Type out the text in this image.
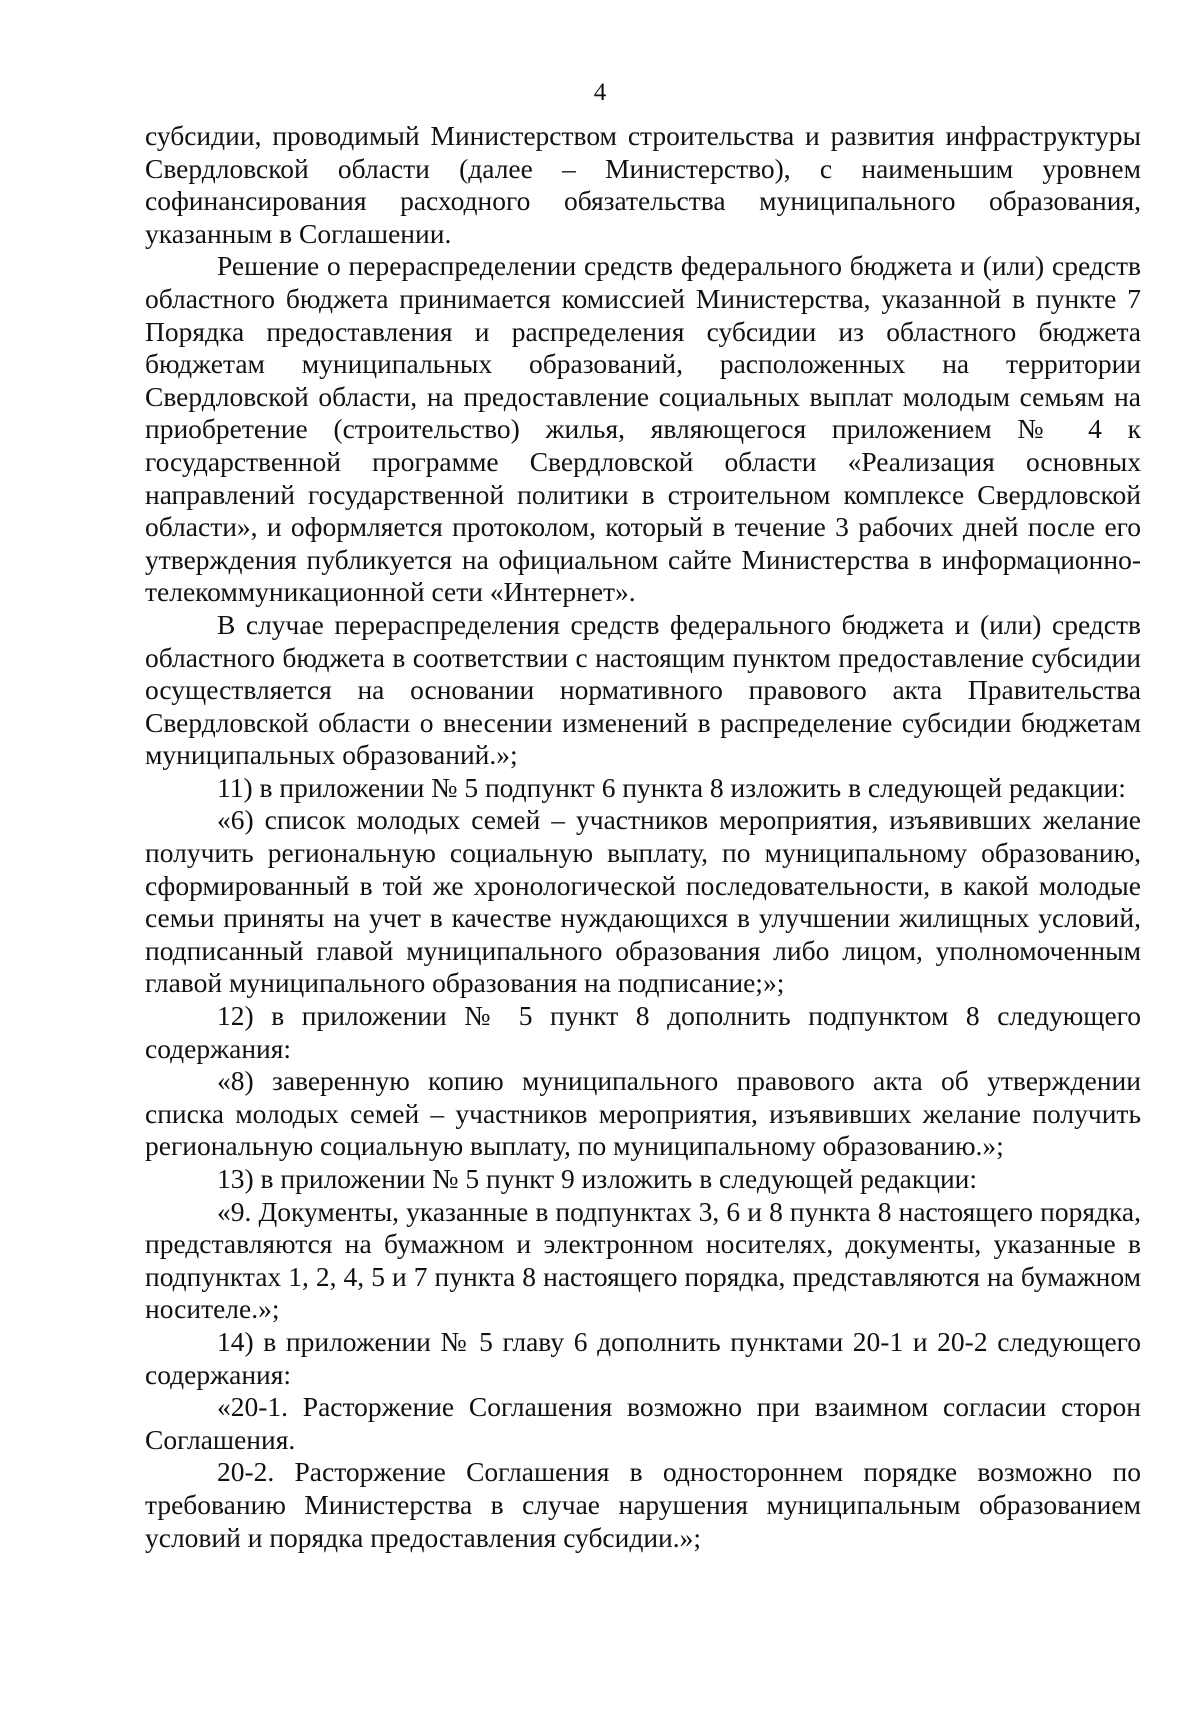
4

субсидии, проводимый Министерством строительства и развития инфраструктуры Свердловской области (далее – Министерство), с наименьшим уровнем софинансирования расходного обязательства муниципального образования, указанным в Соглашении.

Решение о перераспределении средств федерального бюджета и (или) средств областного бюджета принимается комиссией Министерства, указанной в пункте 7 Порядка предоставления и распределения субсидии из областного бюджета бюджетам муниципальных образований, расположенных на территории Свердловской области, на предоставление социальных выплат молодым семьям на приобретение (строительство) жилья, являющегося приложением № 4 к государственной программе Свердловской области «Реализация основных направлений государственной политики в строительном комплексе Свердловской области», и оформляется протоколом, который в течение 3 рабочих дней после его утверждения публикуется на официальном сайте Министерства в информационно-телекоммуникационной сети «Интернет».

В случае перераспределения средств федерального бюджета и (или) средств областного бюджета в соответствии с настоящим пунктом предоставление субсидии осуществляется на основании нормативного правового акта Правительства Свердловской области о внесении изменений в распределение субсидии бюджетам муниципальных образований.»;

11) в приложении № 5 подпункт 6 пункта 8 изложить в следующей редакции:

«6) список молодых семей – участников мероприятия, изъявивших желание получить региональную социальную выплату, по муниципальному образованию, сформированный в той же хронологической последовательности, в какой молодые семьи приняты на учет в качестве нуждающихся в улучшении жилищных условий, подписанный главой муниципального образования либо лицом, уполномоченным главой муниципального образования на подписание;»;

12) в приложении № 5 пункт 8 дополнить подпунктом 8 следующего содержания:

«8) заверенную копию муниципального правового акта об утверждении списка молодых семей – участников мероприятия, изъявивших желание получить региональную социальную выплату, по муниципальному образованию.»;

13) в приложении № 5 пункт 9 изложить в следующей редакции:

«9. Документы, указанные в подпунктах 3, 6 и 8 пункта 8 настоящего порядка, представляются на бумажном и электронном носителях, документы, указанные в подпунктах 1, 2, 4, 5 и 7 пункта 8 настоящего порядка, представляются на бумажном носителе.»;

14) в приложении № 5 главу 6 дополнить пунктами 20-1 и 20-2 следующего содержания:

«20-1. Расторжение Соглашения возможно при взаимном согласии сторон Соглашения.

20-2. Расторжение Соглашения в одностороннем порядке возможно по требованию Министерства в случае нарушения муниципальным образованием условий и порядка предоставления субсидии.»;
